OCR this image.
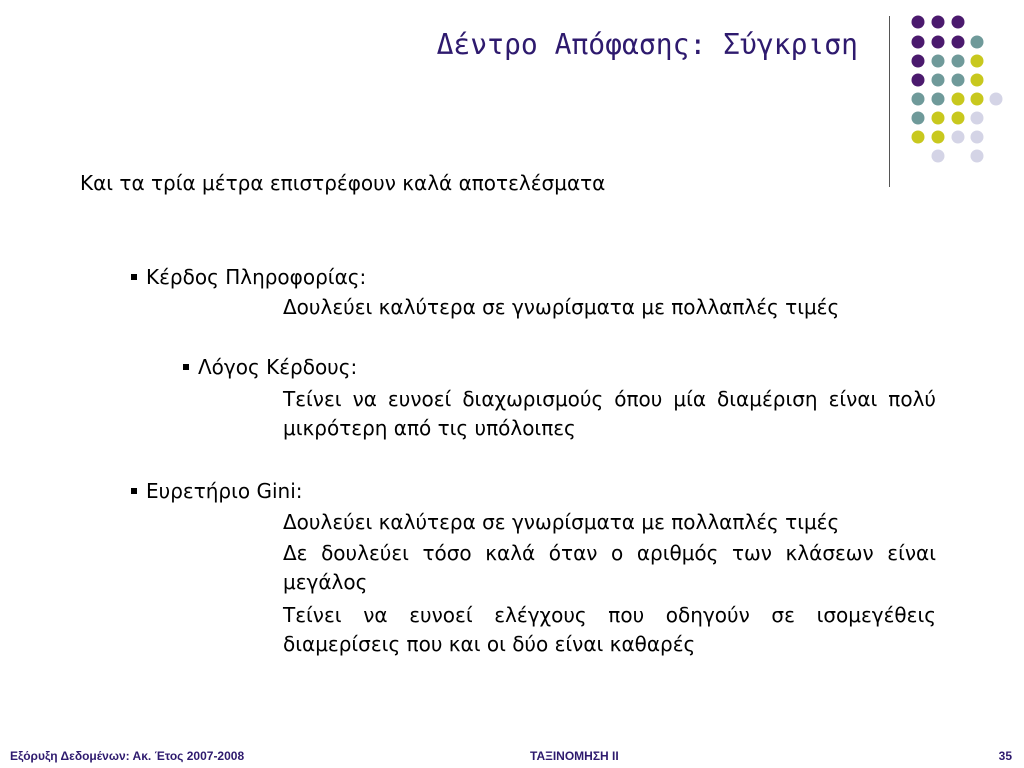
Δέντρο Απόφασης: Σύγκριση
Και τα τρία μέτρα επιστρέφουν καλά αποτελέσματα
Κέρδος Πληροφορίας:
Δουλεύει καλύτερα σε γνωρίσματα με πολλαπλές τιμές
Λόγος Κέρδους:
Τείνει να ευνοεί διαχωρισμούς όπου μία διαμέριση είναι πολύ μικρότερη από τις υπόλοιπες
Ευρετήριο Gini:
Δουλεύει καλύτερα σε γνωρίσματα με πολλαπλές τιμές
Δε δουλεύει τόσο καλά όταν ο αριθμός των κλάσεων είναι μεγάλος
Τείνει να ευνοεί ελέγχους που οδηγούν σε ισομεγέθεις διαμερίσεις που και οι δύο είναι καθαρές
Εξόρυξη Δεδομένων: Ακ. Έτος 2007-2008	ΤΑΞΙΝΟΜΗΣΗ ΙΙ	35
